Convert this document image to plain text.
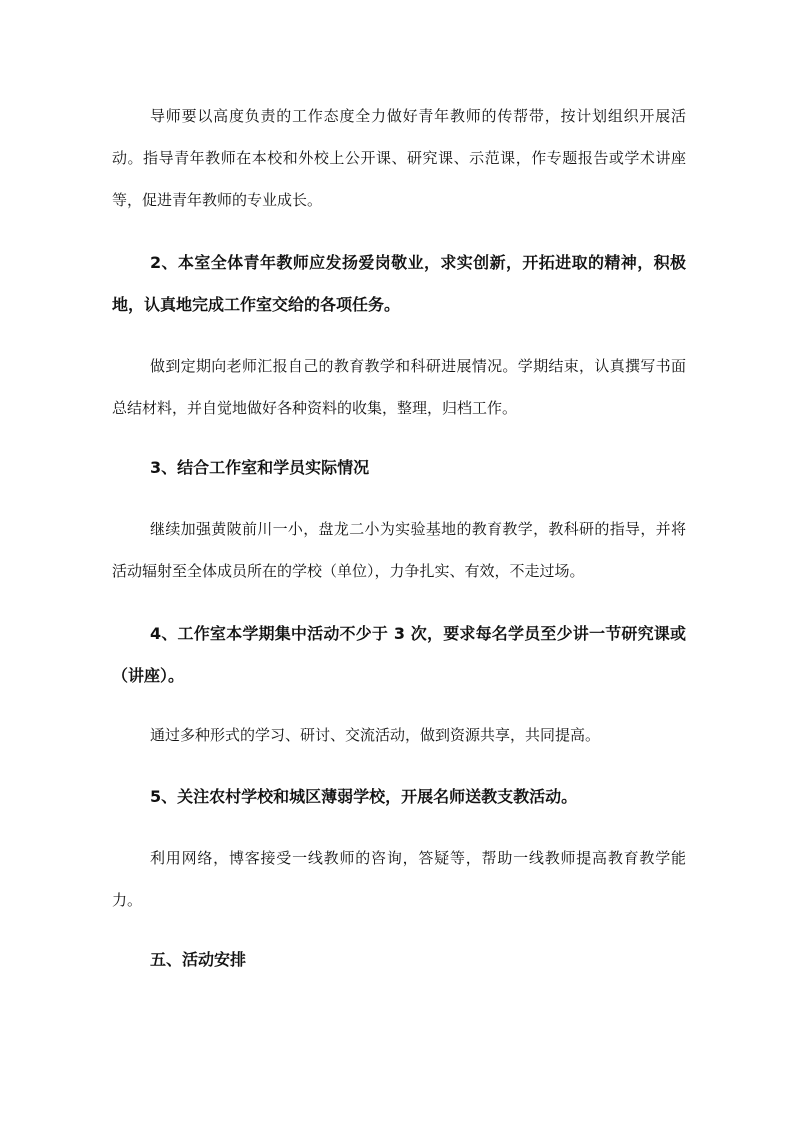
导师要以高度负责的工作态度全力做好青年教师的传帮带，按计划组织开展活动。指导青年教师在本校和外校上公开课、研究课、示范课，作专题报告或学术讲座等，促进青年教师的专业成长。

2、本室全体青年教师应发扬爱岗敬业，求实创新，开拓进取的精神，积极地，认真地完成工作室交给的各项任务。

做到定期向老师汇报自己的教育教学和科研进展情况。学期结束，认真撰写书面总结材料，并自觉地做好各种资料的收集，整理，归档工作。

3、结合工作室和学员实际情况

继续加强黄陂前川一小，盘龙二小为实验基地的教育教学，教科研的指导，并将活动辐射至全体成员所在的学校（单位），力争扎实、有效，不走过场。

4、工作室本学期集中活动不少于 3 次，要求每名学员至少讲一节研究课或（讲座）。

通过多种形式的学习、研讨、交流活动，做到资源共享，共同提高。

5、关注农村学校和城区薄弱学校，开展名师送教支教活动。

利用网络，博客接受一线教师的咨询，答疑等，帮助一线教师提高教育教学能力。

五、活动安排
